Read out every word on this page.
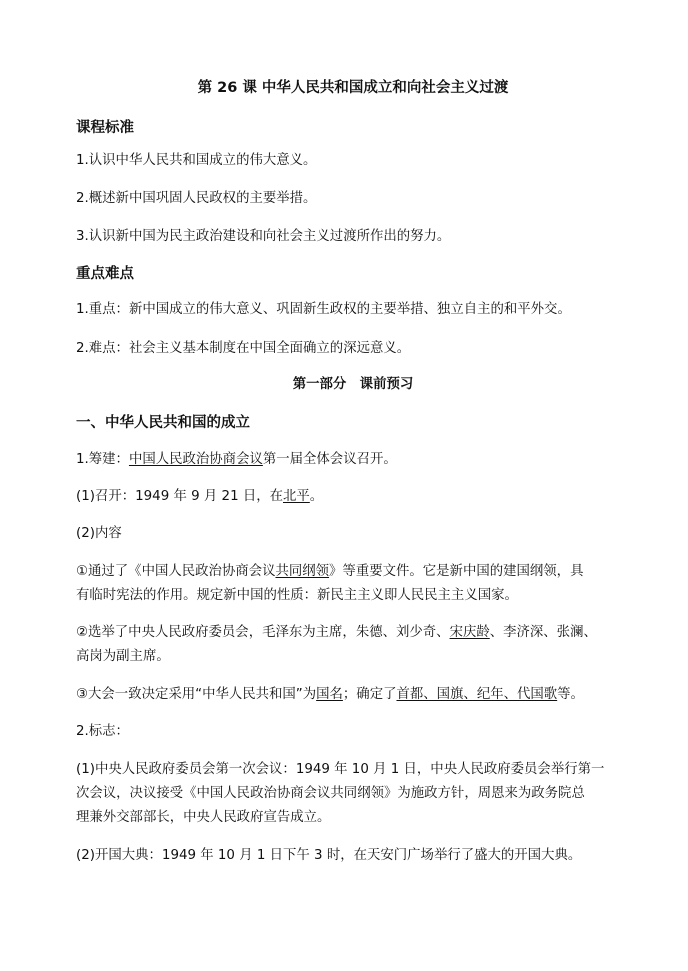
第 26 课 中华人民共和国成立和向社会主义过渡
课程标准
1.认识中华人民共和国成立的伟大意义。
2.概述新中国巩固人民政权的主要举措。
3.认识新中国为民主政治建设和向社会主义过渡所作出的努力。
重点难点
1.重点：新中国成立的伟大意义、巩固新生政权的主要举措、独立自主的和平外交。
2.难点：社会主义基本制度在中国全面确立的深远意义。
第一部分　课前预习
一、中华人民共和国的成立
1.筹建：中国人民政治协商会议第一届全体会议召开。
(1)召开：1949 年 9 月 21 日，在北平。
(2)内容
①通过了《中国人民政治协商会议共同纲领》等重要文件。它是新中国的建国纲领，具
有临时宪法的作用。规定新中国的性质：新民主主义即人民民主主义国家。
②选举了中央人民政府委员会，毛泽东为主席，朱德、刘少奇、宋庆龄、李济深、张澜、
高岗为副主席。
③大会一致决定采用“中华人民共和国”为国名；确定了首都、国旗、纪年、代国歌等。
2.标志：
(1)中央人民政府委员会第一次会议：1949 年 10 月 1 日，中央人民政府委员会举行第一
次会议，决议接受《中国人民政治协商会议共同纲领》为施政方针，周恩来为政务院总
理兼外交部部长，中央人民政府宣告成立。
(2)开国大典：1949 年 10 月 1 日下午 3 时，在天安门广场举行了盛大的开国大典。
